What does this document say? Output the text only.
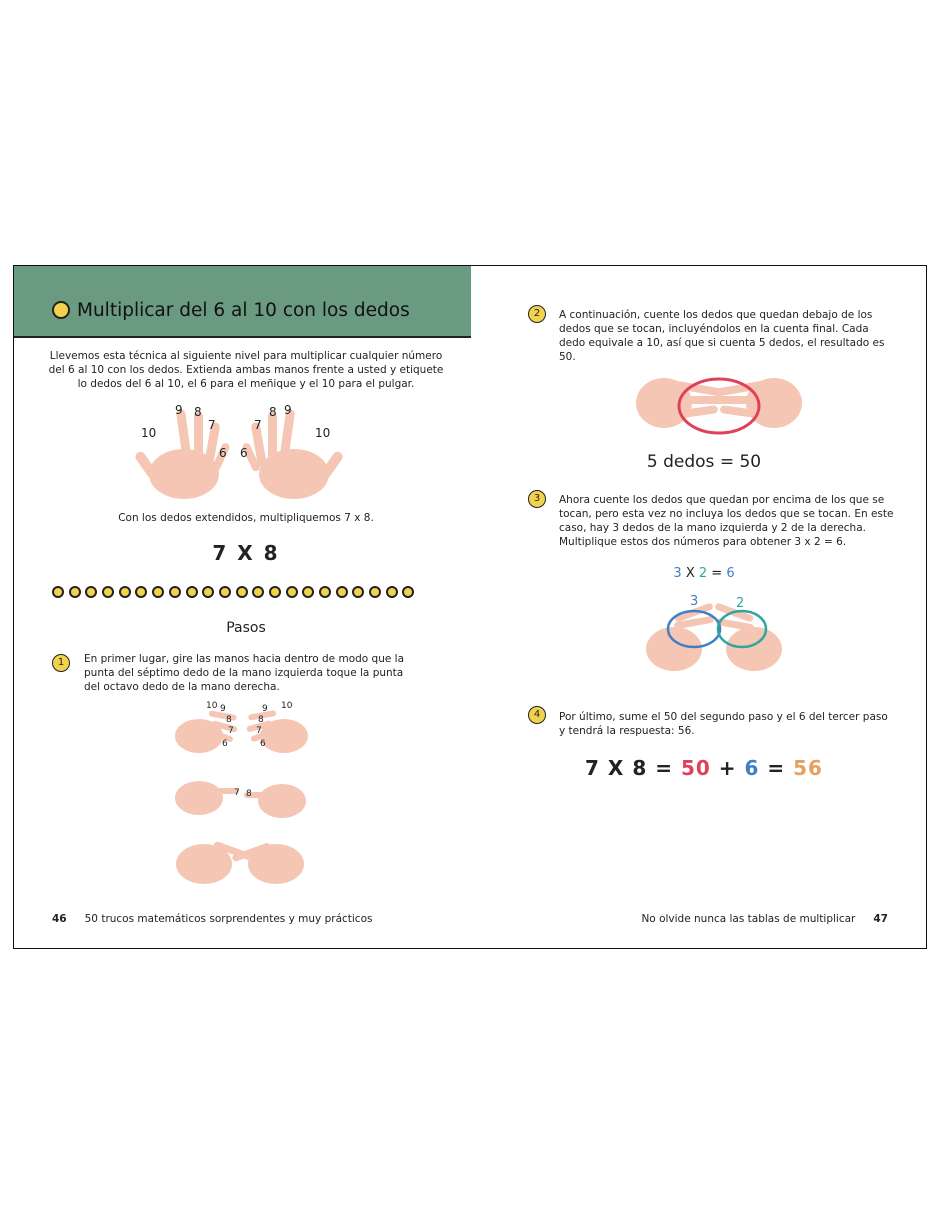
Multiplicar del 6 al 10 con los dedos
Llevemos esta técnica al siguiente nivel para multiplicar cualquier número del 6 al 10 con los dedos. Extienda ambas manos frente a usted y etiquete lo dedos del 6 al 10, el 6 para el meñique y el 10 para el pulgar.
10
9 8
7
6 6
7
8 9
10
Con los dedos extendidos, multipliquemos 7 x 8.
7 X 8
Pasos
1	En primer lugar, gire las manos hacia dentro de modo que la punta del séptimo dedo de la mano izquierda toque la punta del octavo dedo de la mano derecha.
10 9
8
7
6
10
9
8
7
6
7 8
46 50 trucos matemáticos sorprendentes y muy prácticos
2	A continuación, cuente los dedos que quedan debajo de los dedos que se tocan, incluyéndolos en la cuenta final. Cada dedo equivale a 10, así que si cuenta 5 dedos, el resultado es 50.
5 dedos = 50
3	Ahora cuente los dedos que quedan por encima de los que se tocan, pero esta vez no incluya los dedos que se tocan. En este caso, hay 3 dedos de la mano izquierda y 2 de la derecha. Multiplique estos dos números para obtener 3 x 2 = 6.
3 X 2 = 6
3	2
4	Por último, sume el 50 del segundo paso y el 6 del tercer paso y tendrá la respuesta: 56.
7 X 8 = 50 + 6 = 56
No olvide nunca las tablas de multiplicar 47
